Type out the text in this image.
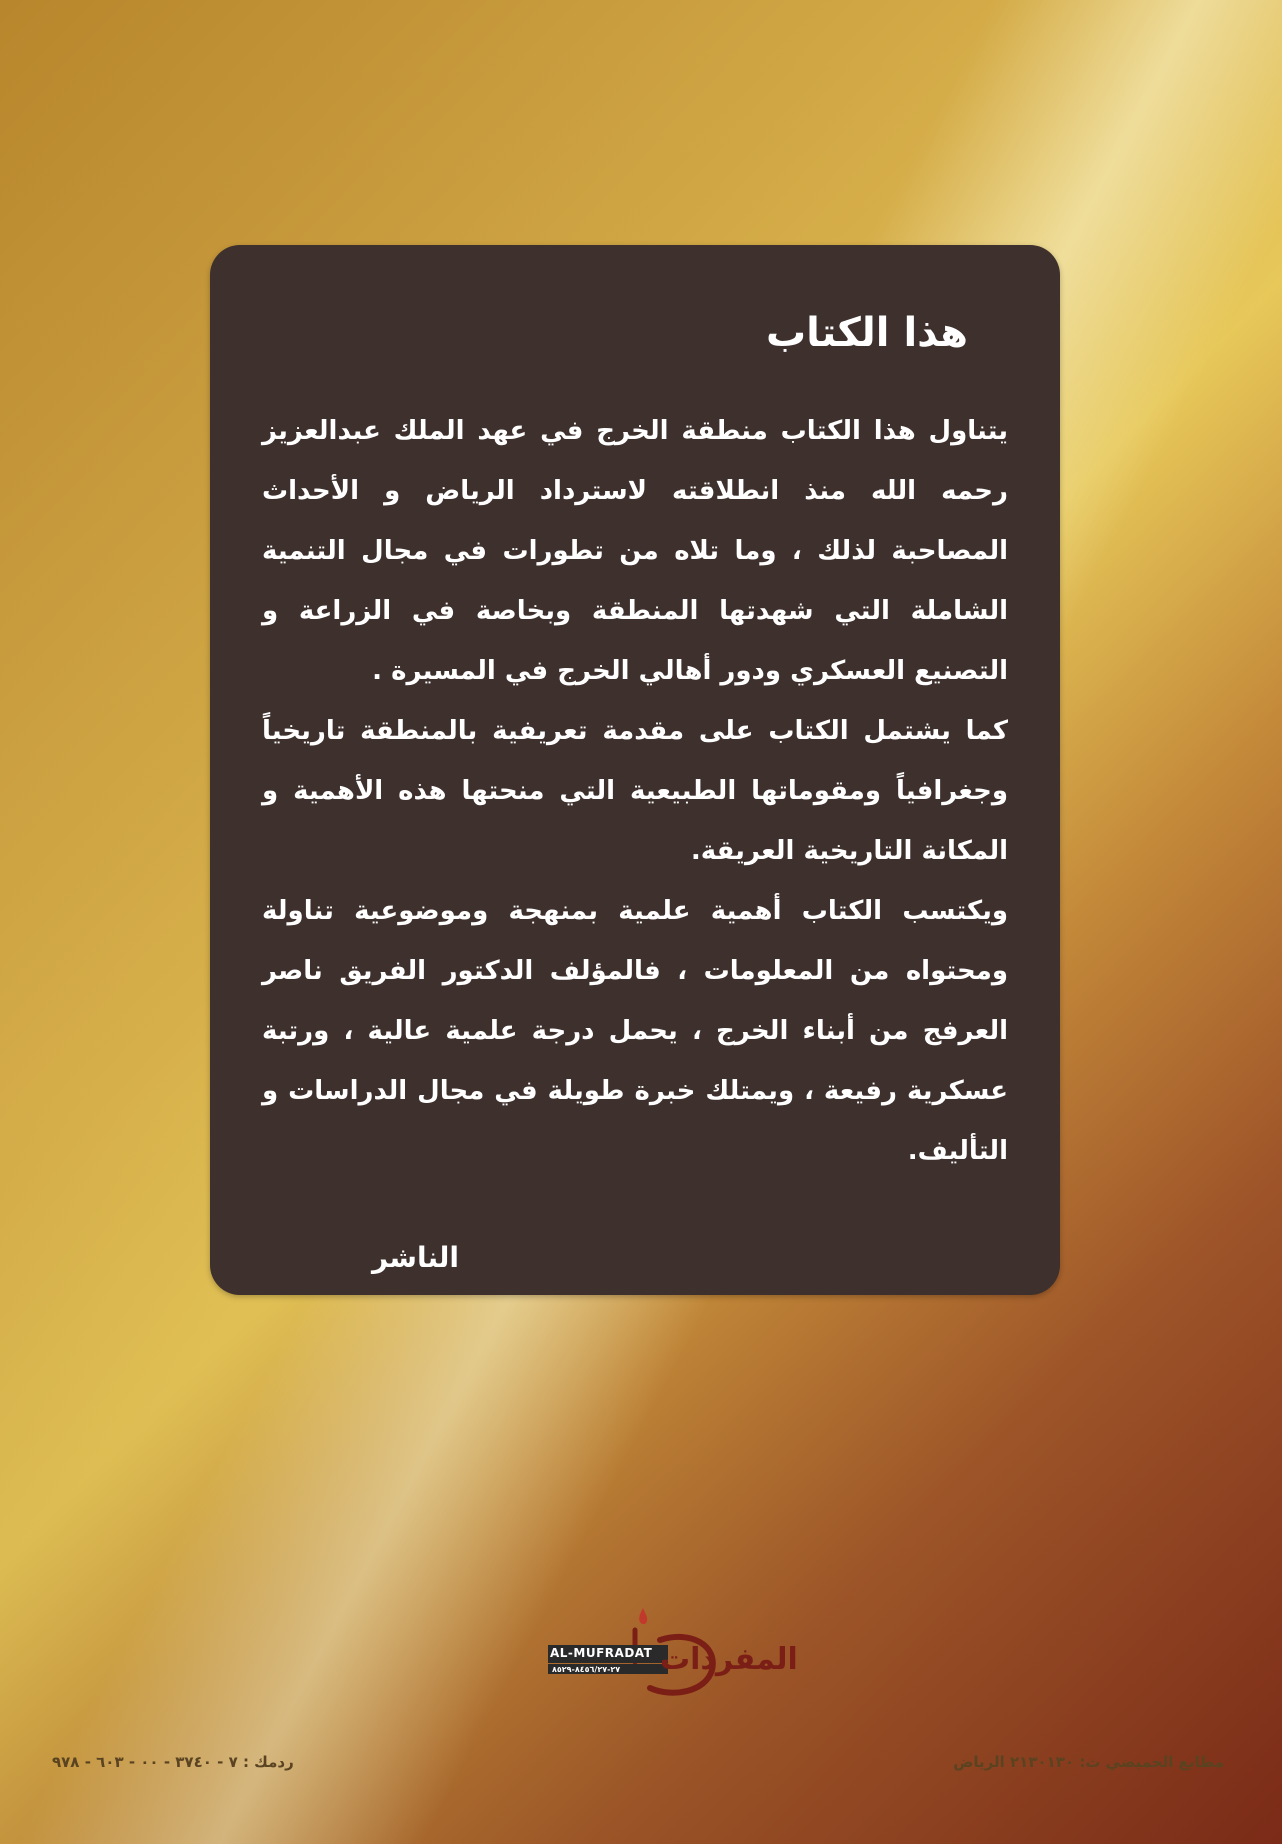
هذا الكتاب

يتناول هذا الكتاب منطقة الخرج في عهد الملك عبدالعزيز رحمه الله منذ انطلاقته لاسترداد الرياض و الأحداث المصاحبة لذلك ، وما تلاه من تطورات في مجال التنمية الشاملة التي شهدتها المنطقة وبخاصة في الزراعة و التصنيع العسكري ودور أهالي الخرج في المسيرة .

كما يشتمل الكتاب على مقدمة تعريفية بالمنطقة تاريخياً وجغرافياً ومقوماتها الطبيعية التي منحتها هذه الأهمية و المكانة التاريخية العريقة.

ويكتسب الكتاب أهمية علمية بمنهجة وموضوعية تناولة ومحتواه من المعلومات ، فالمؤلف الدكتور الفريق ناصر العرفج من أبناء الخرج ، يحمل درجة علمية عالية ، ورتبة عسكرية رفيعة ، ويمتلك خبرة طويلة في مجال الدراسات و التأليف.

الناشر

المفردات
AL-MUFRADAT
٢٧-٨٤٥٦/٢٧-٨٥٢٩
مطابع الحميضي ت: ٢١٣٠١٣٠ الرياض
ردمك : ٧ - ٣٧٤٠ - ٠٠ - ٦٠٣ - ٩٧٨
